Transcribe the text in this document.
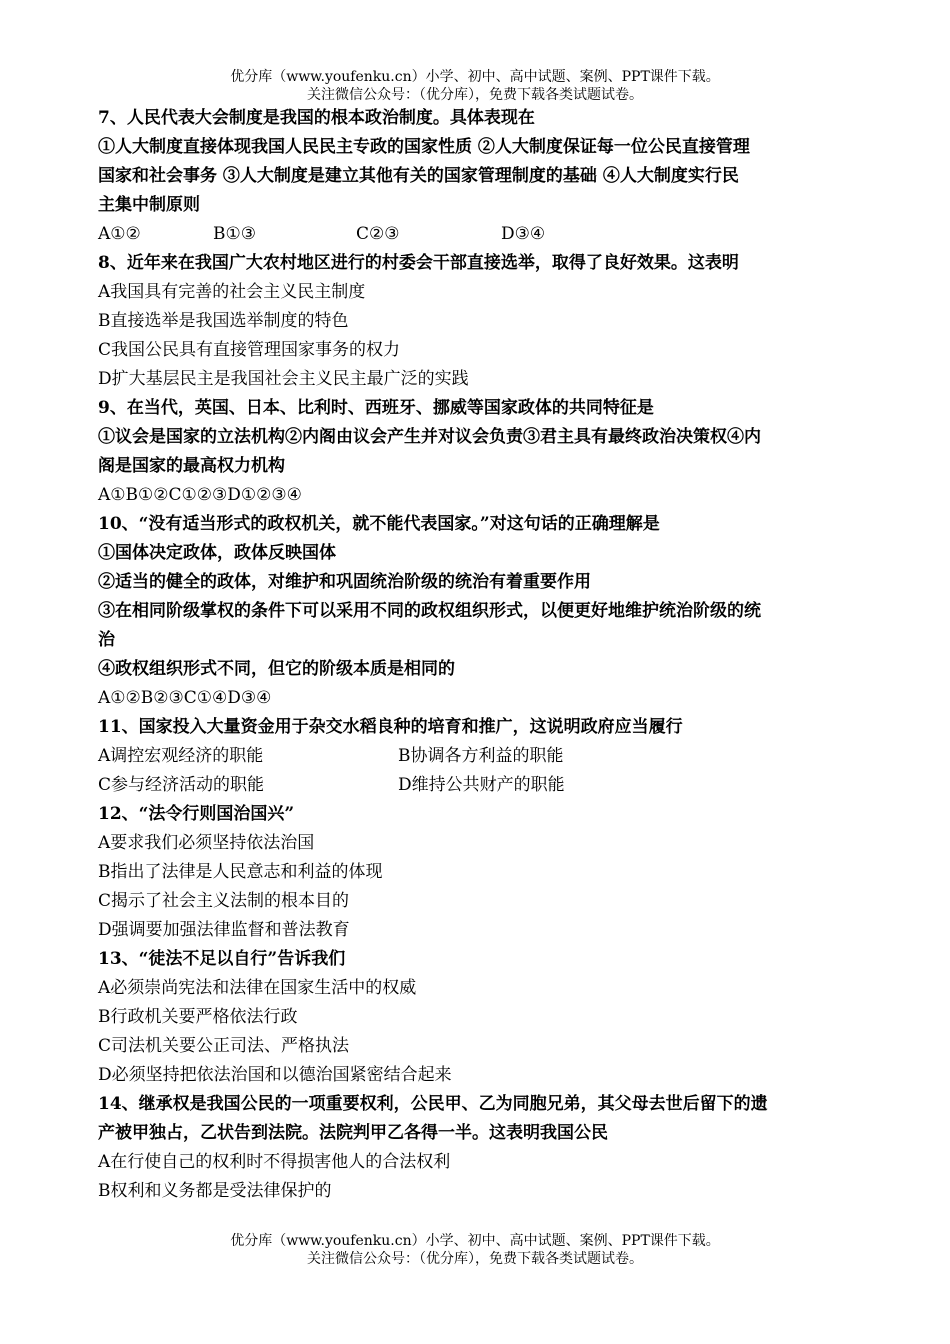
优分库（www.youfenku.cn）小学、初中、高中试题、案例、PPT课件下载。
关注微信公众号：（优分库），免费下载各类试题试卷。
7、人民代表大会制度是我国的根本政治制度。具体表现在
①人大制度直接体现我国人民民主专政的国家性质 ②人大制度保证每一位公民直接管理
国家和社会事务 ③人大制度是建立其他有关的国家管理制度的基础 ④人大制度实行民
主集中制原则
A①②	B①③	C②③	D③④
8、近年来在我国广大农村地区进行的村委会干部直接选举，取得了良好效果。这表明
A我国具有完善的社会主义民主制度
B直接选举是我国选举制度的特色
C我国公民具有直接管理国家事务的权力
D扩大基层民主是我国社会主义民主最广泛的实践
9、在当代，英国、日本、比利时、西班牙、挪威等国家政体的共同特征是
①议会是国家的立法机构②内阁由议会产生并对议会负责③君主具有最终政治决策权④内
阁是国家的最高权力机构
A①B①②C①②③D①②③④
10、“没有适当形式的政权机关，就不能代表国家。”对这句话的正确理解是
①国体决定政体，政体反映国体
②适当的健全的政体，对维护和巩固统治阶级的统治有着重要作用
③在相同阶级掌权的条件下可以采用不同的政权组织形式，以便更好地维护统治阶级的统
治
④政权组织形式不同，但它的阶级本质是相同的
A①②B②③C①④D③④
11、国家投入大量资金用于杂交水稻良种的培育和推广，这说明政府应当履行
A调控宏观经济的职能	B协调各方利益的职能
C参与经济活动的职能	D维持公共财产的职能
12、“法令行则国治国兴”
A要求我们必须坚持依法治国
B指出了法律是人民意志和利益的体现
C揭示了社会主义法制的根本目的
D强调要加强法律监督和普法教育
13、“徒法不足以自行”告诉我们
A必须崇尚宪法和法律在国家生活中的权威
B行政机关要严格依法行政
C司法机关要公正司法、严格执法
D必须坚持把依法治国和以德治国紧密结合起来
14、继承权是我国公民的一项重要权利，公民甲、乙为同胞兄弟，其父母去世后留下的遗
产被甲独占，乙状告到法院。法院判甲乙各得一半。这表明我国公民
A在行使自己的权利时不得损害他人的合法权利
B权利和义务都是受法律保护的
优分库（www.youfenku.cn）小学、初中、高中试题、案例、PPT课件下载。
关注微信公众号：（优分库），免费下载各类试题试卷。
